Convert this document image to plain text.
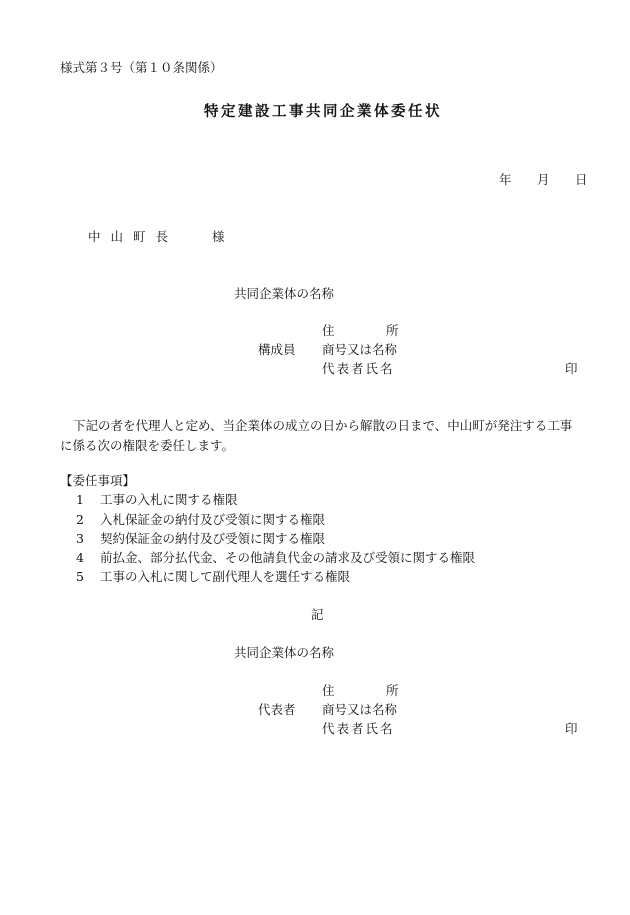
様式第３号（第１０条関係）
特定建設工事共同企業体委任状
年 月 日
中山町長	様
共同企業体の名称
住	所
構成員 商号又は名称
代表者氏名	印
下記の者を代理人と定め、当企業体の成立の日から解散の日まで、中山町が発注する工事に係る次の権限を委任します。
【委任事項】
1 工事の入札に関する権限
2 入札保証金の納付及び受領に関する権限
3 契約保証金の納付及び受領に関する権限
4 前払金、部分払代金、その他請負代金の請求及び受領に関する権限
5 工事の入札に関して副代理人を選任する権限
記
共同企業体の名称
住	所
代表者 商号又は名称
代表者氏名	印
